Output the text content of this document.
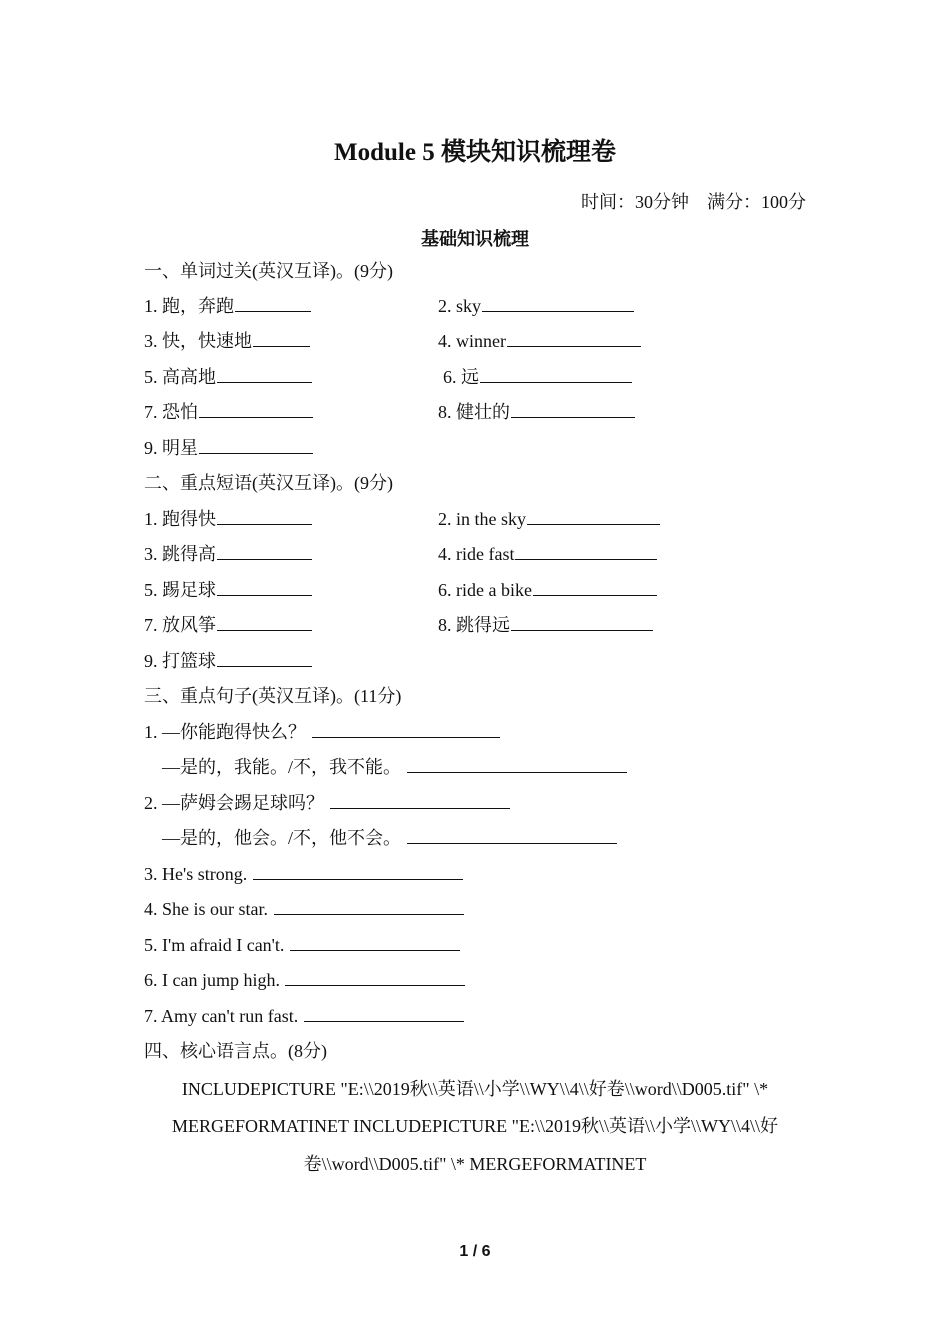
Module 5 模块知识梳理卷
时间：30分钟　满分：100分
基础知识梳理
一、单词过关(英汉互译)。(9分)
1. 跑，奔跑	2. sky
3. 快，快速地	4. winner
5. 高高地	6. 远
7. 恐怕	8. 健壮的
9. 明星
二、重点短语(英汉互译)。(9分)
1. 跑得快	2. in the sky
3. 跳得高	4. ride fast
5. 踢足球	6. ride a bike
7. 放风筝	8. 跳得远
9. 打篮球
三、重点句子(英汉互译)。(11分)
1. —你能跑得快么？
—是的，我能。/不，我不能。
2. —萨姆会踢足球吗？
—是的，他会。/不，他不会。
3. He's strong.
4. She is our star.
5. I'm afraid I can't.
6. I can jump high.
7. Amy can't run fast.
四、核心语言点。(8分)
INCLUDEPICTURE "E:\\2019秋\\英语\\小学\\WY\\4\\好卷\\word\\D005.tif" \*
MERGEFORMATINET INCLUDEPICTURE "E:\\2019秋\\英语\\小学\\WY\\4\\好
卷\\word\\D005.tif" \* MERGEFORMATINET
1 / 6
